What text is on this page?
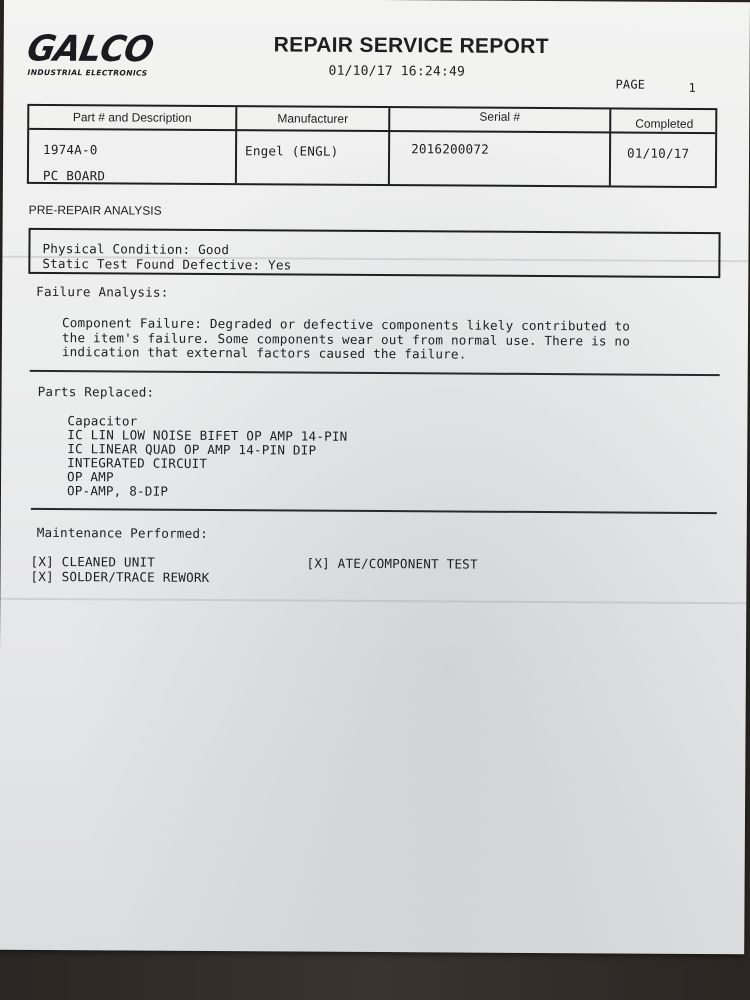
GALCO
INDUSTRIAL ELECTRONICS
REPAIR SERVICE REPORT
01/10/17 16:24:49
PAGE	1
Part # and Description	Manufacturer	Serial #	Completed
1974A-0
PC BOARD
Engel (ENGL)	2016200072	01/10/17
PRE-REPAIR ANALYSIS
Physical Condition: Good
Static Test Found Defective: Yes
Failure Analysis:
Component Failure: Degraded or defective components likely contributed to
the item's failure. Some components wear out from normal use. There is no
indication that external factors caused the failure.
Parts Replaced:
Capacitor
IC LIN LOW NOISE BIFET OP AMP 14-PIN
IC LINEAR QUAD OP AMP 14-PIN DIP
INTEGRATED CIRCUIT
OP AMP
OP-AMP, 8-DIP
Maintenance Performed:
[X] CLEANED UNIT
[X] SOLDER/TRACE REWORK
[X] ATE/COMPONENT TEST
